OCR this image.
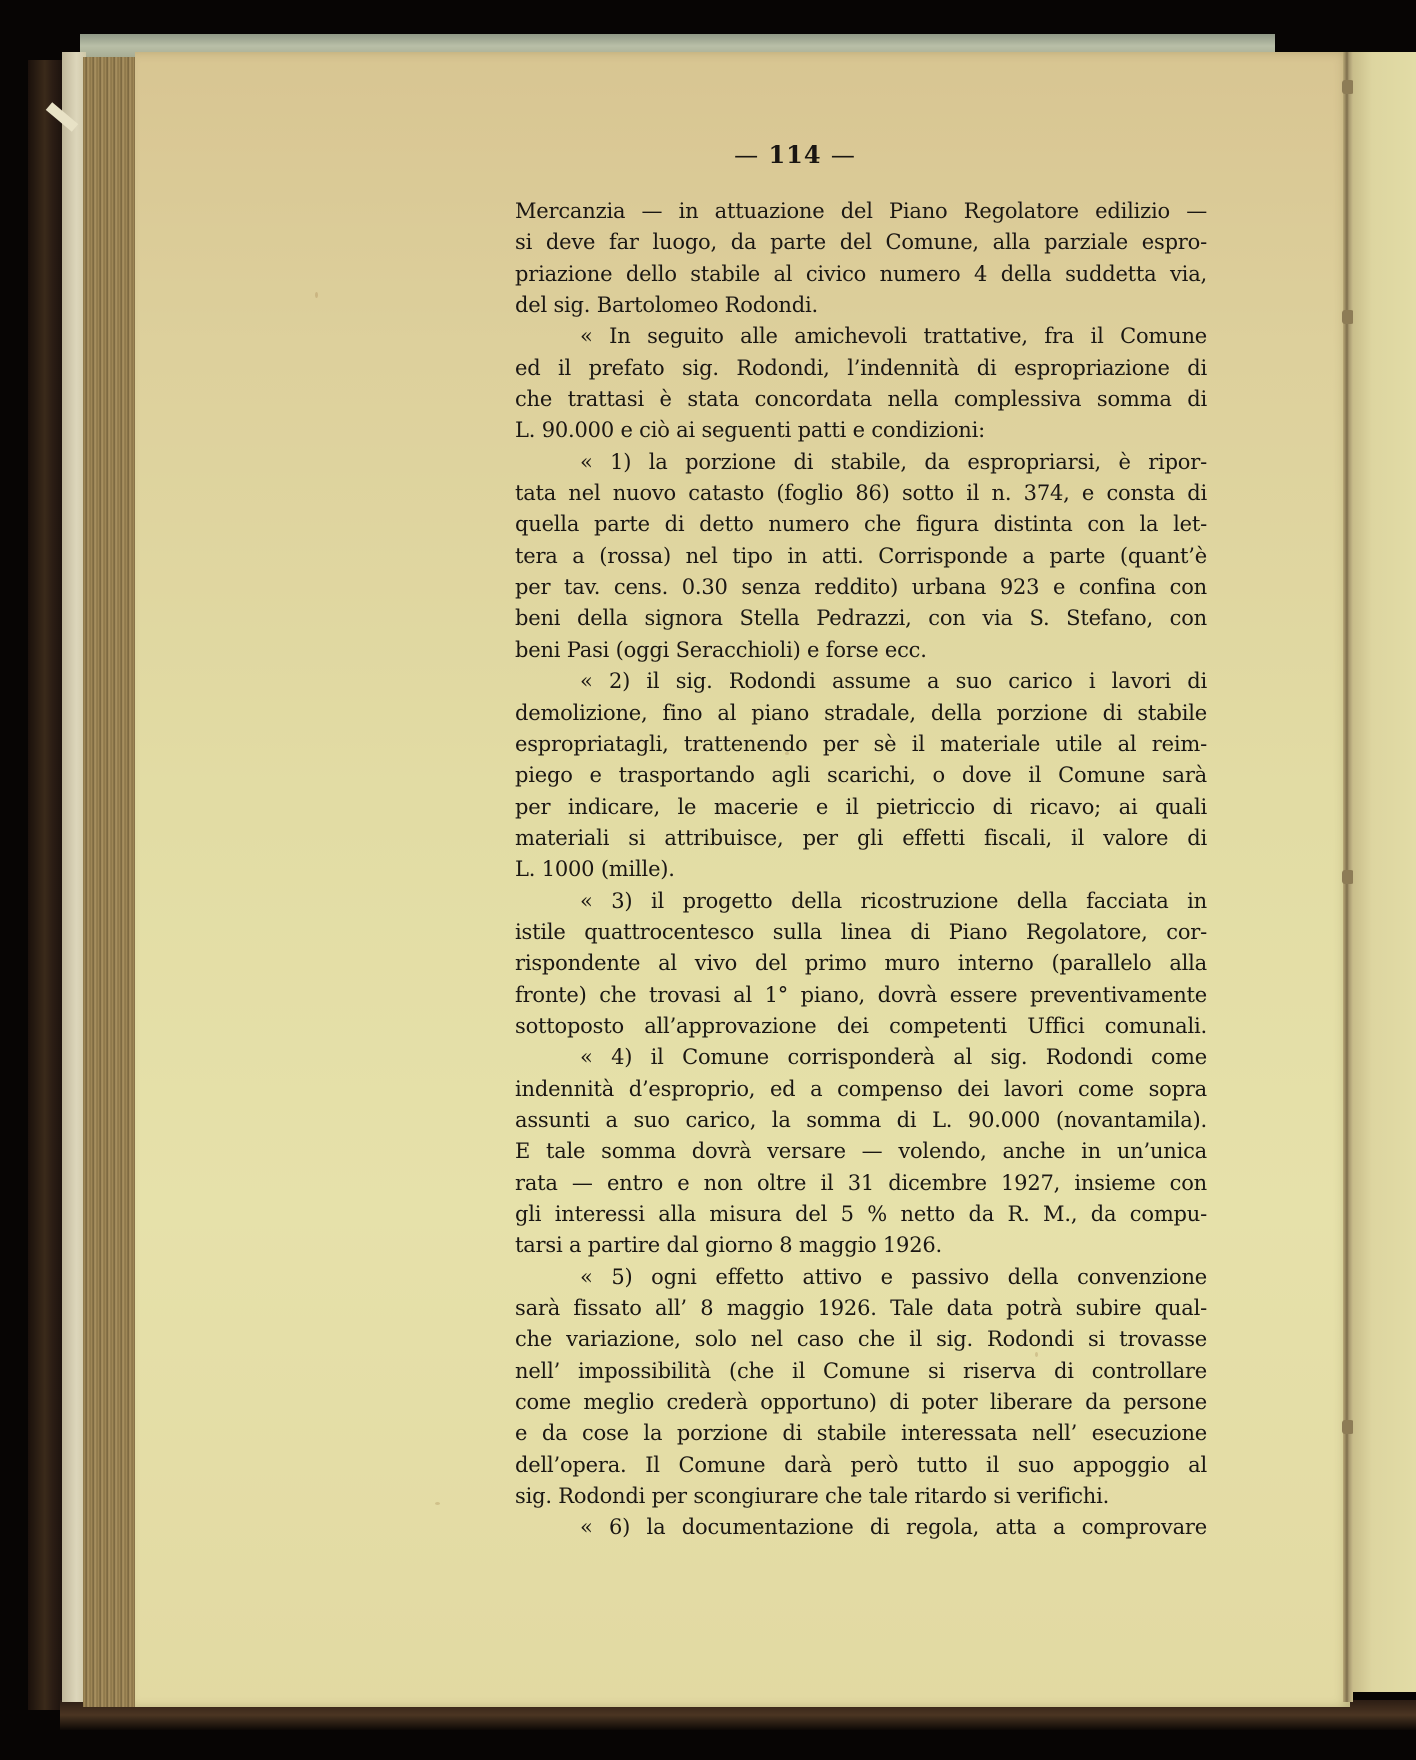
— 114 —
Mercanzia — in attuazione del Piano Regolatore edilizio —
si deve far luogo, da parte del Comune, alla parziale espro-
priazione dello stabile al civico numero 4 della suddetta via,
del sig. Bartolomeo Rodondi.
« In seguito alle amichevoli trattative, fra il Comune
ed il prefato sig. Rodondi, l’indennità di espropriazione di
che trattasi è stata concordata nella complessiva somma di
L. 90.000 e ciò ai seguenti patti e condizioni:
« 1) la porzione di stabile, da espropriarsi, è ripor-
tata nel nuovo catasto (foglio 86) sotto il n. 374, e consta di
quella parte di detto numero che figura distinta con la let-
tera a (rossa) nel tipo in atti. Corrisponde a parte (quant’è
per tav. cens. 0.30 senza reddito) urbana 923 e confina con
beni della signora Stella Pedrazzi, con via S. Stefano, con
beni Pasi (oggi Seracchioli) e forse ecc.
« 2) il sig. Rodondi assume a suo carico i lavori di
demolizione, fino al piano stradale, della porzione di stabile
espropriatagli, trattenendo per sè il materiale utile al reim-
piego e trasportando agli scarichi, o dove il Comune sarà
per indicare, le macerie e il pietriccio di ricavo; ai quali
materiali si attribuisce, per gli effetti fiscali, il valore di
L. 1000 (mille).
« 3) il progetto della ricostruzione della facciata in
istile quattrocentesco sulla linea di Piano Regolatore, cor-
rispondente al vivo del primo muro interno (parallelo alla
fronte) che trovasi al 1° piano, dovrà essere preventivamente
sottoposto all’approvazione dei competenti Uffici comunali.
« 4) il Comune corrisponderà al sig. Rodondi come
indennità d’esproprio, ed a compenso dei lavori come sopra
assunti a suo carico, la somma di L. 90.000 (novantamila).
E tale somma dovrà versare — volendo, anche in un’unica
rata — entro e non oltre il 31 dicembre 1927, insieme con
gli interessi alla misura del 5 % netto da R. M., da compu-
tarsi a partire dal giorno 8 maggio 1926.
« 5) ogni effetto attivo e passivo della convenzione
sarà fissato all’ 8 maggio 1926. Tale data potrà subire qual-
che variazione, solo nel caso che il sig. Rodondi si trovasse
nell’ impossibilità (che il Comune si riserva di controllare
come meglio crederà opportuno) di poter liberare da persone
e da cose la porzione di stabile interessata nell’ esecuzione
dell’opera. Il Comune darà però tutto il suo appoggio al
sig. Rodondi per scongiurare che tale ritardo si verifichi.
« 6) la documentazione di regola, atta a comprovare
